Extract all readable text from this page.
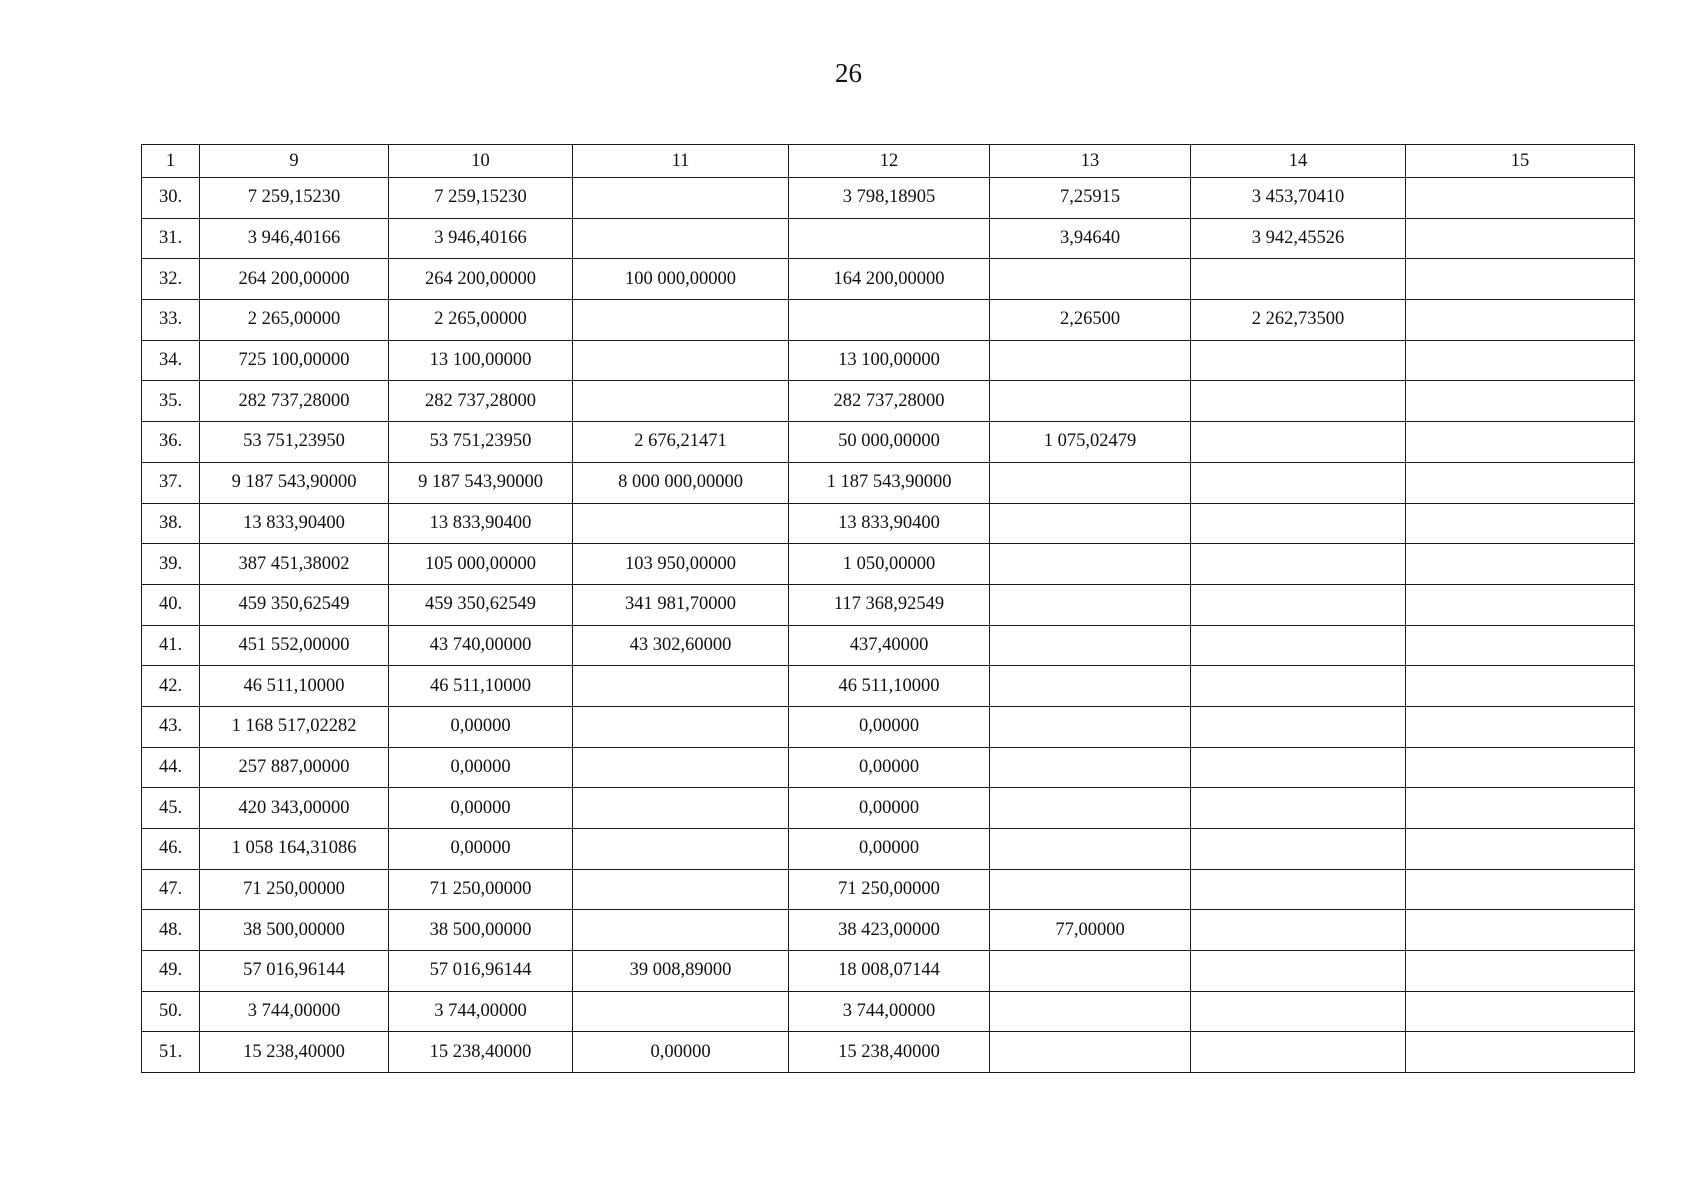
26
1	9	10	11	12	13	14	15
30.	7 259,15230	7 259,15230		3 798,18905	7,25915	3 453,70410	
31.	3 946,40166	3 946,40166			3,94640	3 942,45526	
32.	264 200,00000	264 200,00000	100 000,00000	164 200,00000			
33.	2 265,00000	2 265,00000			2,26500	2 262,73500	
34.	725 100,00000	13 100,00000		13 100,00000			
35.	282 737,28000	282 737,28000		282 737,28000			
36.	53 751,23950	53 751,23950	2 676,21471	50 000,00000	1 075,02479		
37.	9 187 543,90000	9 187 543,90000	8 000 000,00000	1 187 543,90000			
38.	13 833,90400	13 833,90400		13 833,90400			
39.	387 451,38002	105 000,00000	103 950,00000	1 050,00000			
40.	459 350,62549	459 350,62549	341 981,70000	117 368,92549			
41.	451 552,00000	43 740,00000	43 302,60000	437,40000			
42.	46 511,10000	46 511,10000		46 511,10000			
43.	1 168 517,02282	0,00000		0,00000			
44.	257 887,00000	0,00000		0,00000			
45.	420 343,00000	0,00000		0,00000			
46.	1 058 164,31086	0,00000		0,00000			
47.	71 250,00000	71 250,00000		71 250,00000			
48.	38 500,00000	38 500,00000		38 423,00000	77,00000		
49.	57 016,96144	57 016,96144	39 008,89000	18 008,07144			
50.	3 744,00000	3 744,00000		3 744,00000			
51.	15 238,40000	15 238,40000	0,00000	15 238,40000			
